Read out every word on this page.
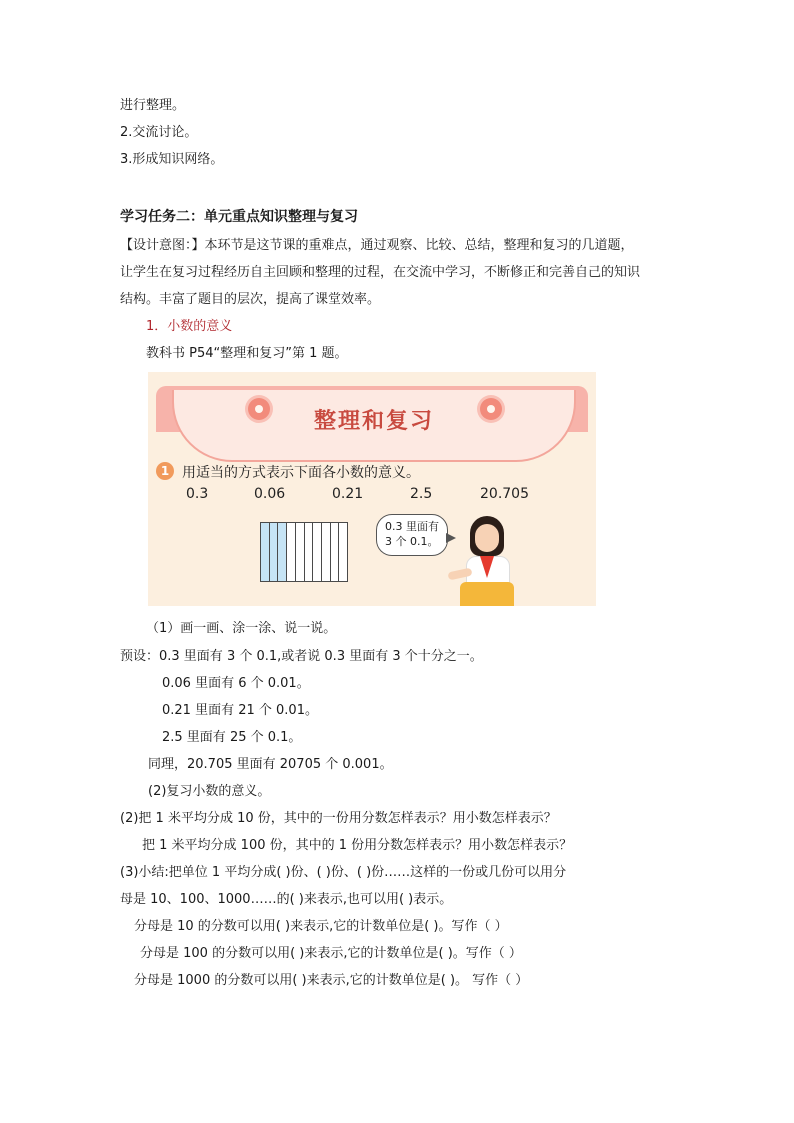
进行整理。
2.交流讨论。
3.形成知识网络。
学习任务二：单元重点知识整理与复习
【设计意图：】本环节是这节课的重难点，通过观察、比较、总结，整理和复习的几道题，
让学生在复习过程经历自主回顾和整理的过程，在交流中学习，不断修正和完善自己的知识
结构。丰富了题目的层次，提高了课堂效率。
1．小数的意义
教科书 P54“整理和复习”第 1 题。
整理和复习
1 用适当的方式表示下面各小数的意义。
0.3	0.06	0.21	2.5	20.705
0.3 里面有
3 个 0.1。
（1）画一画、涂一涂、说一说。
预设：0.3 里面有 3 个 0.1,或者说 0.3 里面有 3 个十分之一。
0.06 里面有 6 个 0.01。
0.21 里面有 21 个 0.01。
2.5 里面有 25 个 0.1。
同理，20.705 里面有 20705 个 0.001。
(2)复习小数的意义。
(2)把 1 米平均分成 10 份，其中的一份用分数怎样表示？用小数怎样表示？
把 1 米平均分成 100 份，其中的 1 份用分数怎样表示？用小数怎样表示？
(3)小结:把单位 1 平均分成( )份、( )份、( )份……这样的一份或几份可以用分
母是 10、100、1000……的( )来表示,也可以用( )表示。
分母是 10 的分数可以用( )来表示,它的计数单位是( )。写作（ ）
分母是 100 的分数可以用( )来表示,它的计数单位是( )。写作（ ）
分母是 1000 的分数可以用( )来表示,它的计数单位是( )。 写作（ ）
